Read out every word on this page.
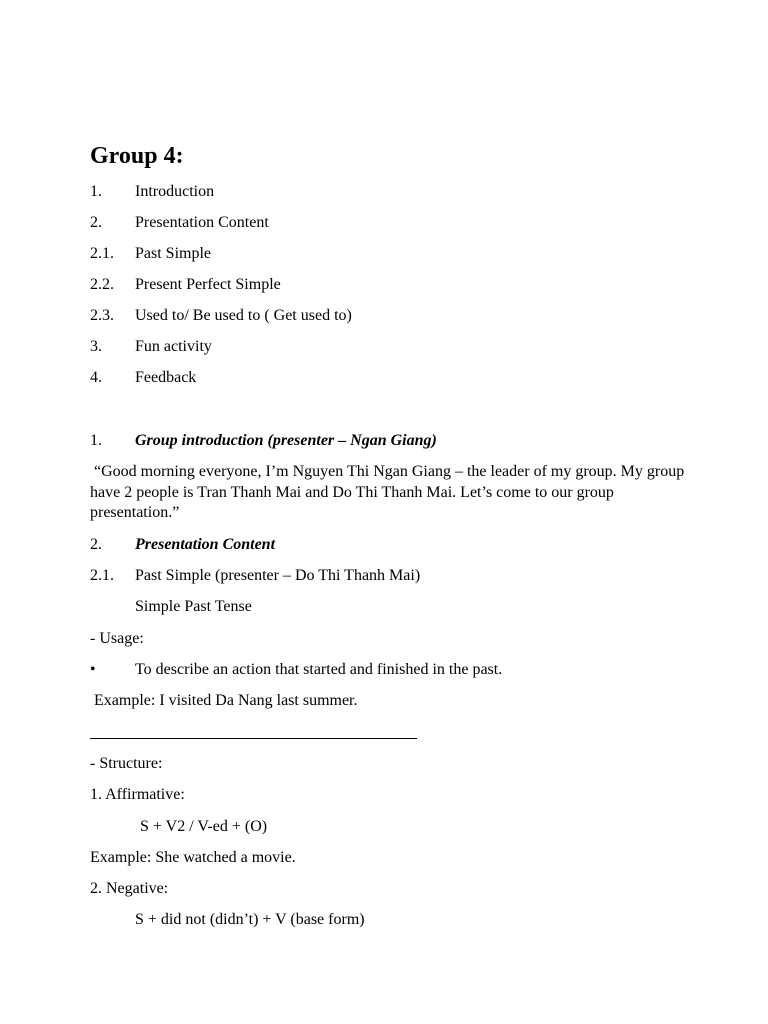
Group 4:
1. Introduction
2. Presentation Content
2.1. Past Simple
2.2. Present Perfect Simple
2.3. Used to/ Be used to ( Get used to)
3. Fun activity
4. Feedback
1. Group introduction (presenter – Ngan Giang)
“Good morning everyone, I’m Nguyen Thi Ngan Giang – the leader of my group. My group have 2 people is Tran Thanh Mai and Do Thi Thanh Mai. Let’s come to our group presentation.”
2. Presentation Content
2.1. Past Simple (presenter – Do Thi Thanh Mai)
Simple Past Tense
- Usage:
• To describe an action that started and finished in the past.
Example: I visited Da Nang last summer.
- Structure:
1. Affirmative:
S + V2 / V-ed + (O)
Example: She watched a movie.
2. Negative:
S + did not (didn’t) + V (base form)
